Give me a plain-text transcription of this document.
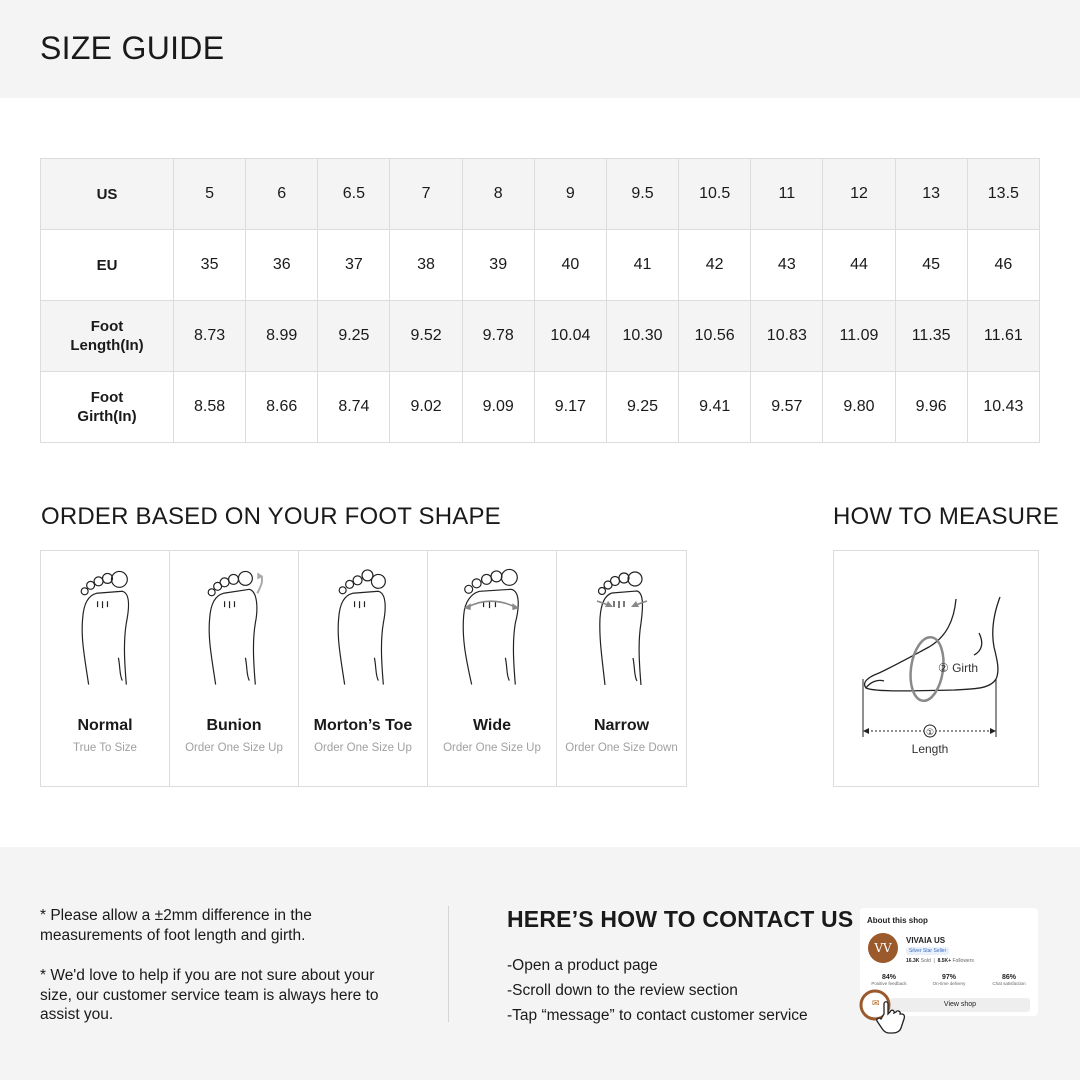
SIZE GUIDE
US	5	6	6.5	7	8	9	9.5	10.5	11	12	13	13.5
EU	35	36	37	38	39	40	41	42	43	44	45	46
Foot
Length(In)	8.73	8.99	9.25	9.52	9.78	10.04	10.30	10.56	10.83	11.09	11.35	11.61
Foot
Girth(In)	8.58	8.66	8.74	9.02	9.09	9.17	9.25	9.41	9.57	9.80	9.96	10.43
ORDER BASED ON YOUR FOOT SHAPE	HOW TO MEASURE
Normal
True To Size
Bunion
Order One Size Up
Morton’s Toe
Order One Size Up
Wide
Order One Size Up
Narrow
Order One Size Down
①
② Girth
Length

* Please allow a ±2mm difference in the measurements of foot length and girth.

* We'd love to help if you are not sure about your size, our customer service team is always here to assist you.

HERE’S HOW TO CONTACT US
-Open a product page
-Scroll down to the review section
-Tap “message” to contact customer service
About this shop
VV
VIVAIA US
Silver Star Seller
16.3K Sold  |  8.5K+ Followers
84%
Positive feedback
97%
On-time delivery
86%
Chat satisfaction
✉	View shop
